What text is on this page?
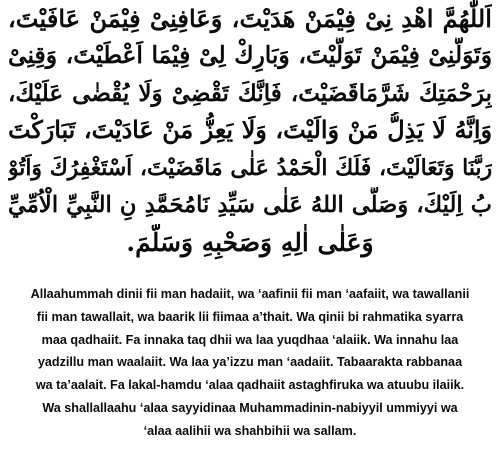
اَللّٰهُمَّ اهْدِ نِىْ فِيْمَنْ هَدَيْتَ، وَعَافِنِىْ فِيْمَنْ عَافَيْتَ،
وَتَوَلَّنِىْ فِيْمَنْ تَوَلَّيْتَ، وَبَارِكْ لِىْ فِيْمَا اَعْطَيْتَ، وَقِنِىْ
بِرَحْمَتِكَ شَرَّمَاقَضَيْتَ، فَاِنَّكَ تَقْضِىْ وَلَا يُقْضٰى عَلَيْكَ،
وَاِنَّهُ لَا يَذِلُّ مَنْ وَالَيْتَ، وَلَا يَعِزُّ مَنْ عَادَيْتَ، تَبَارَكْتَ
رَبَّنَا وَتَعَالَيْتَ، فَلَكَ الْحَمْدُ عَلٰى مَاقَضَيْتَ، اَسْتَغْفِرُكَ وَاَتُوْ
بُ اِلَيْكَ، وَصَلَّى اللهُ عَلٰى سَيِّدِ نَامُحَمَّدِ نِ النَّبِيِّ الْاُمِّيِّ
وَعَلٰى اٰلِهِ وَصَحْبِهِ وَسَلَّمَ.
Allaahummah dinii fii man hadaiit, wa ‘aafinii fii man ‘aafaiit, wa tawallanii
fii man tawallait, wa baarik lii fiimaa a’thait. Wa qinii bi rahmatika syarra
maa qadhaiit. Fa innaka taq dhii wa laa yuqdhaa ‘alaiik. Wa innahu laa
yadzillu man waalaiit. Wa laa ya’izzu man ‘aadaiit. Tabaarakta rabbanaa
wa ta’aalait. Fa lakal-hamdu ‘alaa qadhaiit astaghfiruka wa atuubu ilaiik.
Wa shallallaahu ‘alaa sayyidinaa Muhammadinin-nabiyyil ummiyyi wa
‘alaa aalihii wa shahbihii wa sallam.
